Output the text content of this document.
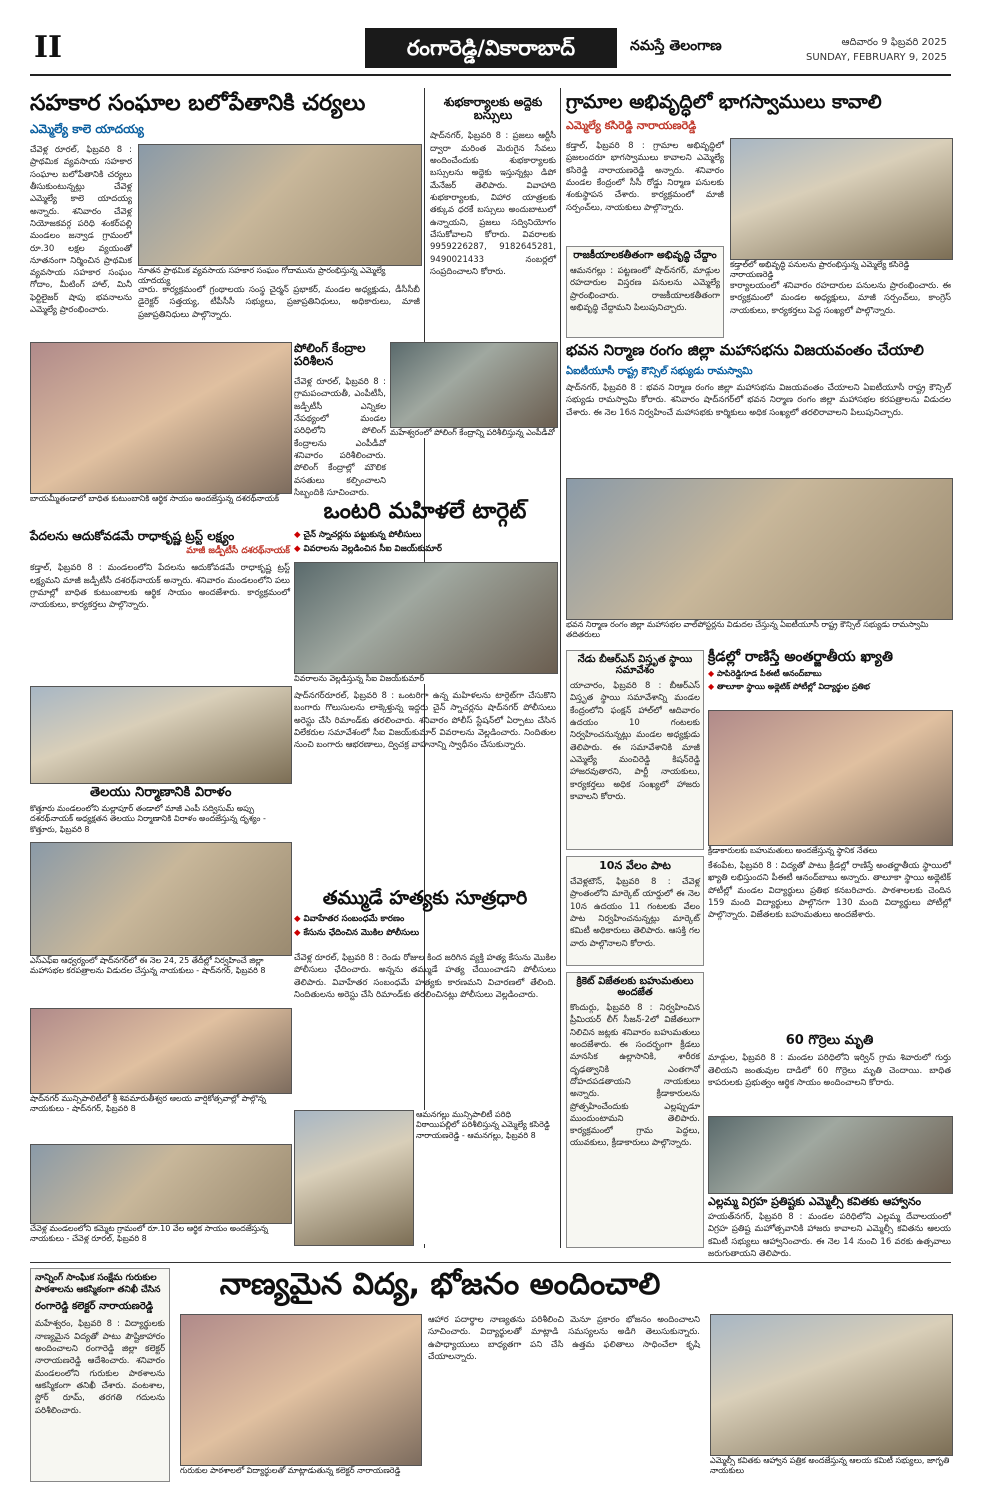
II	రంగారెడ్డి/వికారాబాద్	నమస్తే తెలంగాణ	ఆదివారం 9 ఫిబ్రవరి 2025
SUNDAY, FEBRUARY 9, 2025
సహకార సంఘాల బలోపేతానికి చర్యలు
ఎమ్మెల్యే కాలె యాదయ్య
చేవెళ్ల రూరల్, ఫిబ్రవరి 8 : ప్రాథమిక వ్యవసాయ సహకార సంఘాల బలోపేతానికి చర్యలు తీసుకుంటున్నట్లు చేవెళ్ల ఎమ్మెల్యే కాలె యాదయ్య అన్నారు. శనివారం చేవెళ్ల నియోజకవర్గ పరిధి శంకర్‌పల్లి మండలం జన్వాడ గ్రామంలో రూ.30 లక్షల వ్యయంతో నూతనంగా నిర్మించిన ప్రాథమిక వ్యవసాయ సహకార సంఘం గోదాం, మీటింగ్ హాల్, మినీ ఫెర్టిలైజర్ షాపు భవనాలను ఎమ్మెల్యే ప్రారంభించారు.
నూతన ప్రాథమిక వ్యవసాయ సహకార సంఘం గోదామును ప్రారంభిస్తున్న ఎమ్మెల్యే యాదయ్య
చారు. కార్యక్రమంలో గ్రంథాలయ సంస్థ చైర్మన్ ప్రభాకర్, మండల అధ్యక్షుడు, డీసీసీబీ డైరెక్టర్ సత్తయ్య, టీపీసీసీ సభ్యులు, ప్రజాప్రతినిధులు, అధికారులు, మాజీ ప్రజాప్రతినిధులు పాల్గొన్నారు.
శుభకార్యాలకు అద్దెకు బస్సులు
షాద్‌నగర్, ఫిబ్రవరి 8 : ప్రజలు ఆర్టీసీ ద్వారా మరింత మెరుగైన సేవలు అందించేందుకు శుభకార్యాలకు బస్సులను అద్దెకు ఇస్తున్నట్లు డిపో మేనేజర్ తెలిపారు. వివాహాది శుభకార్యాలకు, విహార యాత్రలకు తక్కువ ధరకే బస్సులు అందుబాటులో ఉన్నాయని, ప్రజలు సద్వినియోగం చేసుకోవాలని కోరారు. వివరాలకు 9959226287, 9182645281, 9490021433 నంబర్లలో సంప్రదించాలని కోరారు.
గ్రామాల అభివృద్ధిలో భాగస్వాములు కావాలి
ఎమ్మెల్యే కసిరెడ్డి నారాయణరెడ్డి
కడ్తాల్, ఫిబ్రవరి 8 : గ్రామాల అభివృద్ధిలో ప్రజలందరూ భాగస్వాములు కావాలని ఎమ్మెల్యే కసిరెడ్డి నారాయణరెడ్డి అన్నారు. శనివారం మండల కేంద్రంలో సీసీ రోడ్డు నిర్మాణ పనులకు శంకుస్థాపన చేశారు. కార్యక్రమంలో మాజీ సర్పంచ్‌లు, నాయకులు పాల్గొన్నారు.
కడ్తాల్‌లో అభివృద్ధి పనులను ప్రారంభిస్తున్న ఎమ్మెల్యే కసిరెడ్డి నారాయణరెడ్డి
కార్యాలయంలో శనివారం రహదారుల పనులను ప్రారంభించారు. ఈ కార్యక్రమంలో మండల అధ్యక్షులు, మాజీ సర్పంచ్‌లు, కాంగ్రెస్ నాయకులు, కార్యకర్తలు పెద్ద సంఖ్యలో పాల్గొన్నారు.
రాజకీయాలకతీతంగా అభివృద్ధి చేద్దాం
ఆమనగల్లు : పట్టణంలో షాద్‌నగర్, మాడ్గుల రహదారుల విస్తరణ పనులను ఎమ్మెల్యే ప్రారంభించారు. రాజకీయాలకతీతంగా అభివృద్ధి చేద్దామని పిలుపునిచ్చారు.
బాయమ్మీతండాలో బాధిత కుటుంబానికి ఆర్థిక సాయం అందజేస్తున్న దశరథ్‌నాయక్
పోలింగ్ కేంద్రాల పరిశీలన
చేవెళ్ల రూరల్, ఫిబ్రవరి 8 : గ్రామపంచాయతీ, ఎంపీటీసీ, జడ్పీటీసీ ఎన్నికల నేపథ్యంలో మండల పరిధిలోని పోలింగ్ కేంద్రాలను ఎంపీడీవో శనివారం పరిశీలించారు. పోలింగ్ కేంద్రాల్లో మౌలిక వసతులు కల్పించాలని సిబ్బందికి సూచించారు.
మహేశ్వరంలో పోలింగ్ కేంద్రాన్ని పరిశీలిస్తున్న ఎంపీడీవో
భవన నిర్మాణ రంగం జిల్లా మహాసభను విజయవంతం చేయాలి
ఏఐటీయూసీ రాష్ట్ర కౌన్సిల్ సభ్యుడు రామస్వామి
షాద్‌నగర్, ఫిబ్రవరి 8 : భవన నిర్మాణ రంగం జిల్లా మహాసభను విజయవంతం చేయాలని ఏఐటీయూసీ రాష్ట్ర కౌన్సిల్ సభ్యుడు రామస్వామి కోరారు. శనివారం షాద్‌నగర్‌లో భవన నిర్మాణ రంగం జిల్లా మహాసభల కరపత్రాలను విడుదల చేశారు. ఈ నెల 16న నిర్వహించే మహాసభకు కార్మికులు అధిక సంఖ్యలో తరలిరావాలని పిలుపునిచ్చారు.
భవన నిర్మాణ రంగం జిల్లా మహాసభల వాల్‌పోస్టర్లను విడుదల చేస్తున్న ఏఐటీయూసీ రాష్ట్ర కౌన్సిల్ సభ్యుడు రామస్వామి తదితరులు
పేదలను ఆదుకోవడమే రాధాకృష్ణ ట్రస్ట్ లక్ష్యం
మాజీ జడ్పీటీసీ దశరథ్‌నాయక్
కడ్తాల్, ఫిబ్రవరి 8 : మండలంలోని పేదలను ఆదుకోవడమే రాధాకృష్ణ ట్రస్ట్ లక్ష్యమని మాజీ జడ్పీటీసీ దశరథ్‌నాయక్ అన్నారు. శనివారం మండలంలోని పలు గ్రామాల్లో బాధిత కుటుంబాలకు ఆర్థిక సాయం అందజేశారు. కార్యక్రమంలో నాయకులు, కార్యకర్తలు పాల్గొన్నారు.
ఒంటరి మహిళలే టార్గెట్
◆ చైన్ స్నాచర్లను పట్టుకున్న పోలీసులు
◆ వివరాలను వెల్లడించిన సీఐ విజయ్‌కుమార్
వివరాలను వెల్లడిస్తున్న సీఐ విజయ్‌కుమార్
షాద్‌నగర్‌రూరల్, ఫిబ్రవరి 8 : ఒంటరిగా ఉన్న మహిళలను టార్గెట్‌గా చేసుకొని బంగారు గొలుసులను లాక్కెళ్తున్న ఇద్దరు చైన్ స్నాచర్లను షాద్‌నగర్ పోలీసులు అరెస్టు చేసి రిమాండ్‌కు తరలించారు. శనివారం పోలీస్ స్టేషన్‌లో ఏర్పాటు చేసిన విలేకరుల సమావేశంలో సీఐ విజయ్‌కుమార్ వివరాలను వెల్లడించారు. నిందితుల నుంచి బంగారు ఆభరణాలు, ద్విచక్ర వాహనాన్ని స్వాధీనం చేసుకున్నారు.
తెలయు నిర్మాణానికి విరాళం
కొత్తూరు మండలంలోని మల్లాపూర్ తండాలో మాజీ ఎంపీ సద్విసుమ్ అప్పు దశరథ్‌నాయక్ అధ్యక్షతన తెలయు నిర్మాణానికి విరాళం అందజేస్తున్న దృశ్యం - కొత్తూరు, ఫిబ్రవరి 8
నేడు బీఆర్‌ఎస్ విస్తృత స్థాయి సమావేశం
యాచారం, ఫిబ్రవరి 8 : బీఆర్‌ఎస్ విస్తృత స్థాయి సమావేశాన్ని మండల కేంద్రంలోని ఫంక్షన్ హాల్‌లో ఆదివారం ఉదయం 10 గంటలకు నిర్వహించనున్నట్లు మండల అధ్యక్షుడు తెలిపారు. ఈ సమావేశానికి మాజీ ఎమ్మెల్యే మంచిరెడ్డి కిషన్‌రెడ్డి హాజరవుతారని, పార్టీ నాయకులు, కార్యకర్తలు అధిక సంఖ్యలో హాజరు కావాలని కోరారు.
క్రీడల్లో రాణిస్తే అంతర్జాతీయ ఖ్యాతి
◆ పాపిరెడ్డిగూడ పీఈటీ ఆనంద్‌బాబు
◆ తాలూకా స్థాయి అథ్లెటిక్ పోటీల్లో విద్యార్థుల ప్రతిభ
క్రీడాకారులకు బహుమతులు అందజేస్తున్న స్థానిక నేతలు
కేశంపేట, ఫిబ్రవరి 8 : విద్యతో పాటు క్రీడల్లో రాణిస్తే అంతర్జాతీయ స్థాయిలో ఖ్యాతి లభిస్తుందని పీఈటీ ఆనంద్‌బాబు అన్నారు. తాలూకా స్థాయి అథ్లెటిక్ పోటీల్లో మండల విద్యార్థులు ప్రతిభ కనబరిచారు. పాఠశాలలకు చెందిన 159 మంది విద్యార్థులు పాల్గొనగా 130 మంది విద్యార్థులు పోటీల్లో పాల్గొన్నారు. విజేతలకు బహుమతులు అందజేశారు.
ఎస్‌ఎఫ్‌ఐ ఆధ్వర్యంలో షాద్‌నగర్‌లో ఈ నెల 24, 25 తేదీల్లో నిర్వహించే జిల్లా మహాసభల కరపత్రాలను విడుదల చేస్తున్న నాయకులు - షాద్‌నగర్, ఫిబ్రవరి 8
10న వేలం పాట
చేవెళ్లటౌన్, ఫిబ్రవరి 8 : చేవెళ్ల ప్రాంతంలోని మార్కెట్ యార్డులో ఈ నెల 10న ఉదయం 11 గంటలకు వేలం పాట నిర్వహించనున్నట్లు మార్కెట్ కమిటీ అధికారులు తెలిపారు. ఆసక్తి గల వారు పాల్గొనాలని కోరారు.
తమ్ముడే హత్యకు సూత్రధారి
◆ వివాహేతర సంబంధమే కారణం
◆ కేసును ఛేదించిన మొకిల పోలీసులు
చేవెళ్ల రూరల్, ఫిబ్రవరి 8 : రెండు రోజుల కింద జరిగిన వ్యక్తి హత్య కేసును మొకిల పోలీసులు ఛేదించారు. అన్నను తమ్ముడే హత్య చేయించాడని పోలీసులు తెలిపారు. వివాహేతర సంబంధమే హత్యకు కారణమని విచారణలో తేలింది. నిందితులను అరెస్టు చేసి రిమాండ్‌కు తరలించినట్లు పోలీసులు వెల్లడించారు.
ఆమనగల్లు మున్సిపాలిటీ పరిధి విఠాయిపల్లిలో పరిశీలిస్తున్న ఎమ్మెల్యే కసిరెడ్డి నారాయణరెడ్డి - ఆమనగల్లు, ఫిబ్రవరి 8
క్రికెట్ విజేతలకు బహుమతులు అందజేత
కొందుర్గు, ఫిబ్రవరి 8 : నిర్వహించిన ప్రీమియర్ లీగ్ సీజన్-2లో విజేతలుగా నిలిచిన జట్లకు శనివారం బహుమతులు అందజేశారు. ఈ సందర్భంగా క్రీడలు మానసిక ఉల్లాసానికి, శారీరక దృఢత్వానికి ఎంతగానో దోహదపడతాయని నాయకులు అన్నారు. క్రీడాకారులను ప్రోత్సహించేందుకు ఎల్లప్పుడూ ముందుంటామని తెలిపారు. కార్యక్రమంలో గ్రామ పెద్దలు, యువకులు, క్రీడాకారులు పాల్గొన్నారు.
షాద్‌నగర్ మున్సిపాలిటీలో శ్రీ శివమారుతీశ్వర ఆలయ వార్షికోత్సవాల్లో పాల్గొన్న నాయకులు - షాద్‌నగర్, ఫిబ్రవరి 8
చేవెళ్ల మండలంలోని కమ్మెట గ్రామంలో రూ.10 వేల ఆర్థిక సాయం అందజేస్తున్న నాయకులు - చేవెళ్ల రూరల్, ఫిబ్రవరి 8
60 గొర్రెలు మృతి
మాడ్గుల, ఫిబ్రవరి 8 : మండల పరిధిలోని ఇర్విన్ గ్రామ శివారులో గుర్తు తెలియని జంతువుల దాడిలో 60 గొర్రెలు మృతి చెందాయి. బాధిత కాపరులకు ప్రభుత్వం ఆర్థిక సాయం అందించాలని కోరారు.
ఎల్లమ్మ విగ్రహ ప్రతిష్టకు ఎమ్మెల్సీ కవితకు ఆహ్వానం
హయత్‌నగర్, ఫిబ్రవరి 8 : మండల పరిధిలోని ఎల్లమ్మ దేవాలయంలో విగ్రహ ప్రతిష్ట మహోత్సవానికి హాజరు కావాలని ఎమ్మెల్సీ కవితను ఆలయ కమిటీ సభ్యులు ఆహ్వానించారు. ఈ నెల 14 నుంచి 16 వరకు ఉత్సవాలు జరుగుతాయని తెలిపారు.
నాన్నింగ్ సాంఘిక సంక్షేమ గురుకుల పాఠశాలను ఆకస్మికంగా తనిఖీ చేసిన
రంగారెడ్డి కలెక్టర్ నారాయణరెడ్డి
మహేశ్వరం, ఫిబ్రవరి 8 : విద్యార్థులకు నాణ్యమైన విద్యతో పాటు పౌష్టికాహారం అందించాలని రంగారెడ్డి జిల్లా కలెక్టర్ నారాయణరెడ్డి ఆదేశించారు. శనివారం మండలంలోని గురుకుల పాఠశాలను ఆకస్మికంగా తనిఖీ చేశారు. వంటశాల, స్టోర్ రూమ్, తరగతి గదులను పరిశీలించారు.
నాణ్యమైన విద్య, భోజనం అందించాలి
గురుకుల పాఠశాలలో విద్యార్థులతో మాట్లాడుతున్న కలెక్టర్ నారాయణరెడ్డి
ఆహార పదార్థాల నాణ్యతను పరిశీలించి మెనూ ప్రకారం భోజనం అందించాలని సూచించారు. విద్యార్థులతో మాట్లాడి సమస్యలను అడిగి తెలుసుకున్నారు. ఉపాధ్యాయులు బాధ్యతగా పని చేసి ఉత్తమ ఫలితాలు సాధించేలా కృషి చేయాలన్నారు.
ఎమ్మెల్సీ కవితకు ఆహ్వాన పత్రిక అందజేస్తున్న ఆలయ కమిటీ సభ్యులు, జాగృతి నాయకులు
